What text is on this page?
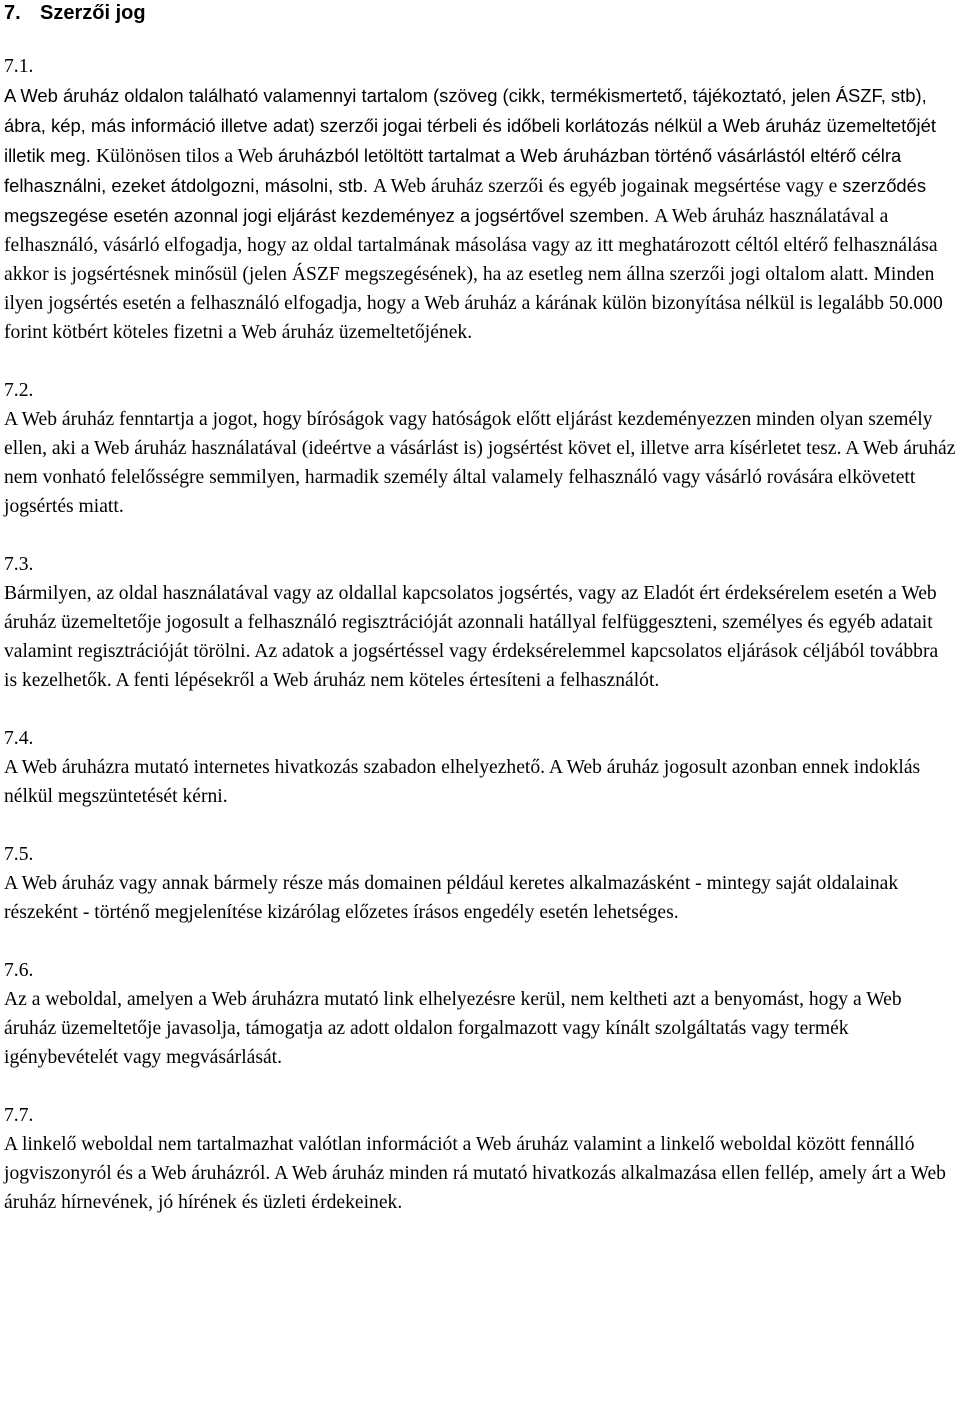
7. Szerzői jog
7.1.
A Web áruház oldalon található valamennyi tartalom (szöveg (cikk, termékismertető, tájékoztató, jelen ÁSZF, stb), ábra, kép, más információ illetve adat) szerzői jogai térbeli és időbeli korlátozás nélkül a Web áruház üzemeltetőjét illetik meg. Különösen tilos a Web áruházból letöltött tartalmat a Web áruházban történő vásárlástól eltérő célra felhasználni, ezeket átdolgozni, másolni, stb. A Web áruház szerzői és egyéb jogainak megsértése vagy e szerződés megszegése esetén azonnal jogi eljárást kezdeményez a jogsértővel szemben. A Web áruház használatával a felhasználó, vásárló elfogadja, hogy az oldal tartalmának másolása vagy az itt meghatározott céltól eltérő felhasználása akkor is jogsértésnek minősül (jelen ÁSZF megszegésének), ha az esetleg nem állna szerzői jogi oltalom alatt. Minden ilyen jogsértés esetén a felhasználó elfogadja, hogy a Web áruház a kárának külön bizonyítása nélkül is legalább 50.000 forint kötbért köteles fizetni a Web áruház üzemeltetőjének.
7.2.
A Web áruház fenntartja a jogot, hogy bíróságok vagy hatóságok előtt eljárást kezdeményezzen minden olyan személy ellen, aki a Web áruház használatával (ideértve a vásárlást is) jogsértést követ el, illetve arra kísérletet tesz. A Web áruház nem vonható felelősségre semmilyen, harmadik személy által valamely felhasználó vagy vásárló rovására elkövetett jogsértés miatt.
7.3.
Bármilyen, az oldal használatával vagy az oldallal kapcsolatos jogsértés, vagy az Eladót ért érdeksérelem esetén a Web áruház üzemeltetője jogosult a felhasználó regisztrációját azonnali hatállyal felfüggeszteni, személyes és egyéb adatait valamint regisztrációját törölni. Az adatok a jogsértéssel vagy érdeksérelemmel kapcsolatos eljárások céljából továbbra is kezelhetők. A fenti lépésekről a Web áruház nem köteles értesíteni a felhasználót.
7.4.
A Web áruházra mutató internetes hivatkozás szabadon elhelyezhető. A Web áruház jogosult azonban ennek indoklás nélkül megszüntetését kérni.
7.5.
A Web áruház vagy annak bármely része más domainen például keretes alkalmazásként - mintegy saját oldalainak részeként - történő megjelenítése kizárólag előzetes írásos engedély esetén lehetséges.
7.6.
Az a weboldal, amelyen a Web áruházra mutató link elhelyezésre kerül, nem keltheti azt a benyomást, hogy a Web áruház üzemeltetője javasolja, támogatja az adott oldalon forgalmazott vagy kínált szolgáltatás vagy termék igénybevételét vagy megvásárlását.
7.7.
A linkelő weboldal nem tartalmazhat valótlan információt a Web áruház valamint a linkelő weboldal között fennálló jogviszonyról és a Web áruházról. A Web áruház minden rá mutató hivatkozás alkalmazása ellen fellép, amely árt a Web áruház hírnevének, jó hírének és üzleti érdekeinek.
